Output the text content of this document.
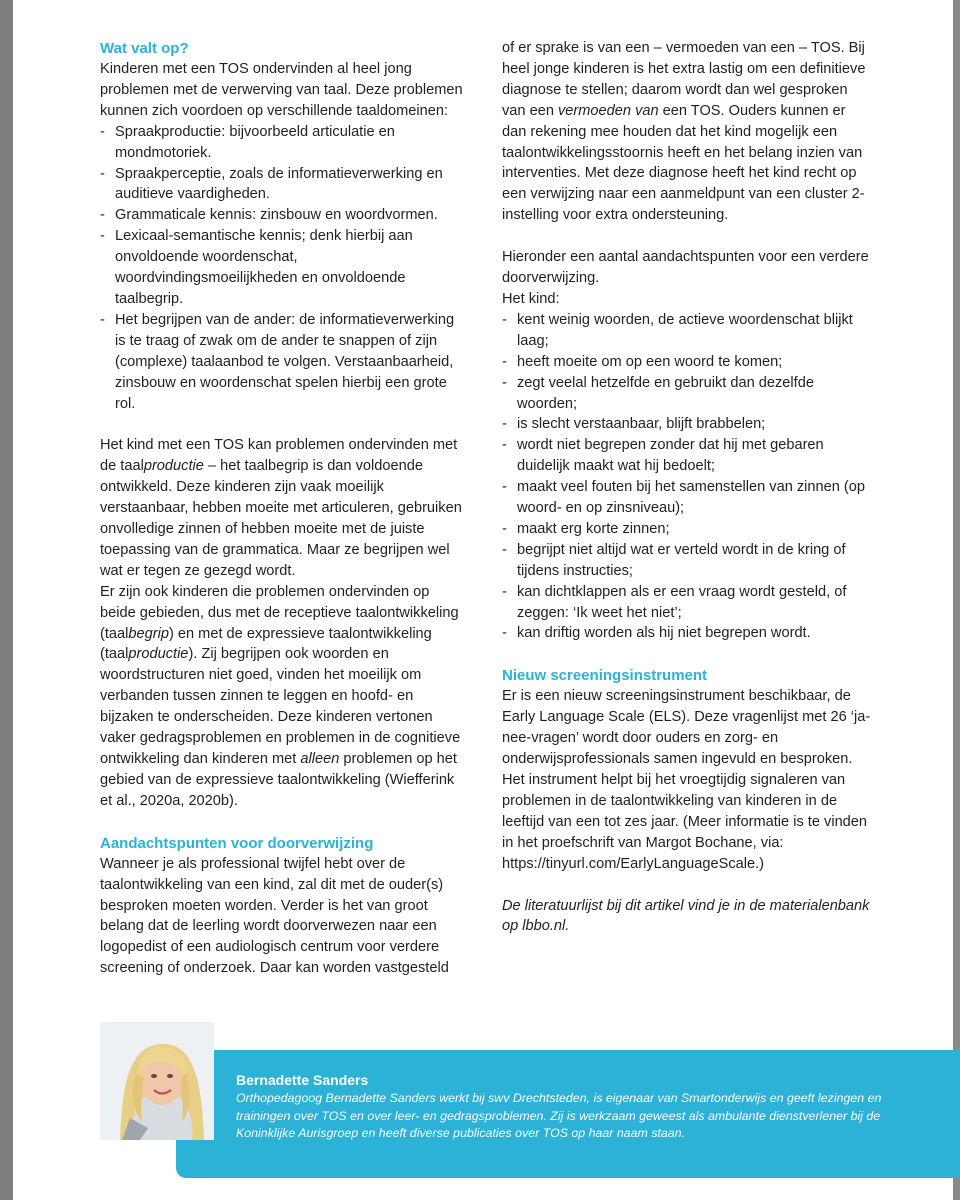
Wat valt op?

Kinderen met een TOS ondervinden al heel jong problemen met de verwerving van taal. Deze problemen kunnen zich voordoen op verschillende taaldomeinen:

- Spraakproductie: bijvoorbeeld articulatie en mondmotoriek.
- Spraakperceptie, zoals de informatieverwerking en auditieve vaardigheden.
- Grammaticale kennis: zinsbouw en woordvormen.
- Lexicaal-semantische kennis; denk hierbij aan onvoldoende woordenschat, woordvindingsmoeilijkheden en onvoldoende taalbegrip.
- Het begrijpen van de ander: de informatieverwerking is te traag of zwak om de ander te snappen of zijn (complexe) taalaanbod te volgen. Verstaanbaarheid, zinsbouw en woordenschat spelen hierbij een grote rol.

Het kind met een TOS kan problemen ondervinden met de taalproductie – het taalbegrip is dan voldoende ontwikkeld. Deze kinderen zijn vaak moeilijk verstaanbaar, hebben moeite met articuleren, gebruiken onvolledige zinnen of hebben moeite met de juiste toepassing van de grammatica. Maar ze begrijpen wel wat er tegen ze gezegd wordt.

Er zijn ook kinderen die problemen ondervinden op beide gebieden, dus met de receptieve taalontwikkeling (taalbegrip) en met de expressieve taalontwikkeling (taalproductie). Zij begrijpen ook woorden en woordstructuren niet goed, vinden het moeilijk om verbanden tussen zinnen te leggen en hoofd- en bijzaken te onderscheiden. Deze kinderen vertonen vaker gedragsproblemen en problemen in de cognitieve ontwikkeling dan kinderen met alleen problemen op het gebied van de expressieve taalontwikkeling (Wiefferink et al., 2020a, 2020b).

Aandachtspunten voor doorverwijzing

Wanneer je als professional twijfel hebt over de taalontwikkeling van een kind, zal dit met de ouder(s) besproken moeten worden. Verder is het van groot belang dat de leerling wordt doorverwezen naar een logopedist of een audiologisch centrum voor verdere screening of onderzoek. Daar kan worden vastgesteld

of er sprake is van een – vermoeden van een – TOS. Bij heel jonge kinderen is het extra lastig om een definitieve diagnose te stellen; daarom wordt dan wel gesproken van een vermoeden van een TOS. Ouders kunnen er dan rekening mee houden dat het kind mogelijk een taalontwikkelingsstoornis heeft en het belang inzien van interventies. Met deze diagnose heeft het kind recht op een verwijzing naar een aanmeldpunt van een cluster 2-instelling voor extra ondersteuning.

Hieronder een aantal aandachtspunten voor een verdere doorverwijzing.

Het kind:

- kent weinig woorden, de actieve woordenschat blijkt laag;
- heeft moeite om op een woord te komen;
- zegt veelal hetzelfde en gebruikt dan dezelfde woorden;
- is slecht verstaanbaar, blijft brabbelen;
- wordt niet begrepen zonder dat hij met gebaren duidelijk maakt wat hij bedoelt;
- maakt veel fouten bij het samenstellen van zinnen (op woord- en op zinsniveau);
- maakt erg korte zinnen;
- begrijpt niet altijd wat er verteld wordt in de kring of tijdens instructies;
- kan dichtklappen als er een vraag wordt gesteld, of zeggen: ‘Ik weet het niet’;
- kan driftig worden als hij niet begrepen wordt.
Nieuw screeningsinstrument

Er is een nieuw screeningsinstrument beschikbaar, de Early Language Scale (ELS). Deze vragenlijst met 26 ‘ja-nee-vragen’ wordt door ouders en zorg- en onderwijsprofessionals samen ingevuld en besproken. Het instrument helpt bij het vroegtijdig signaleren van problemen in de taalontwikkeling van kinderen in de leeftijd van een tot zes jaar. (Meer informatie is te vinden in het proefschrift van Margot Bochane, via: https://tinyurl.com/EarlyLanguageScale.)

De literatuurlijst bij dit artikel vind je in de materialenbank op lbbo.nl.

Bernadette Sanders
Orthopedagoog Bernadette Sanders werkt bij swv Drechtsteden, is eigenaar van Smartonderwijs en geeft lezingen en trainingen over TOS en over leer- en gedragsproblemen. Zij is werkzaam geweest als ambulante dienstverlener bij de Koninklijke Aurisgroep en heeft diverse publicaties over TOS op haar naam staan.
